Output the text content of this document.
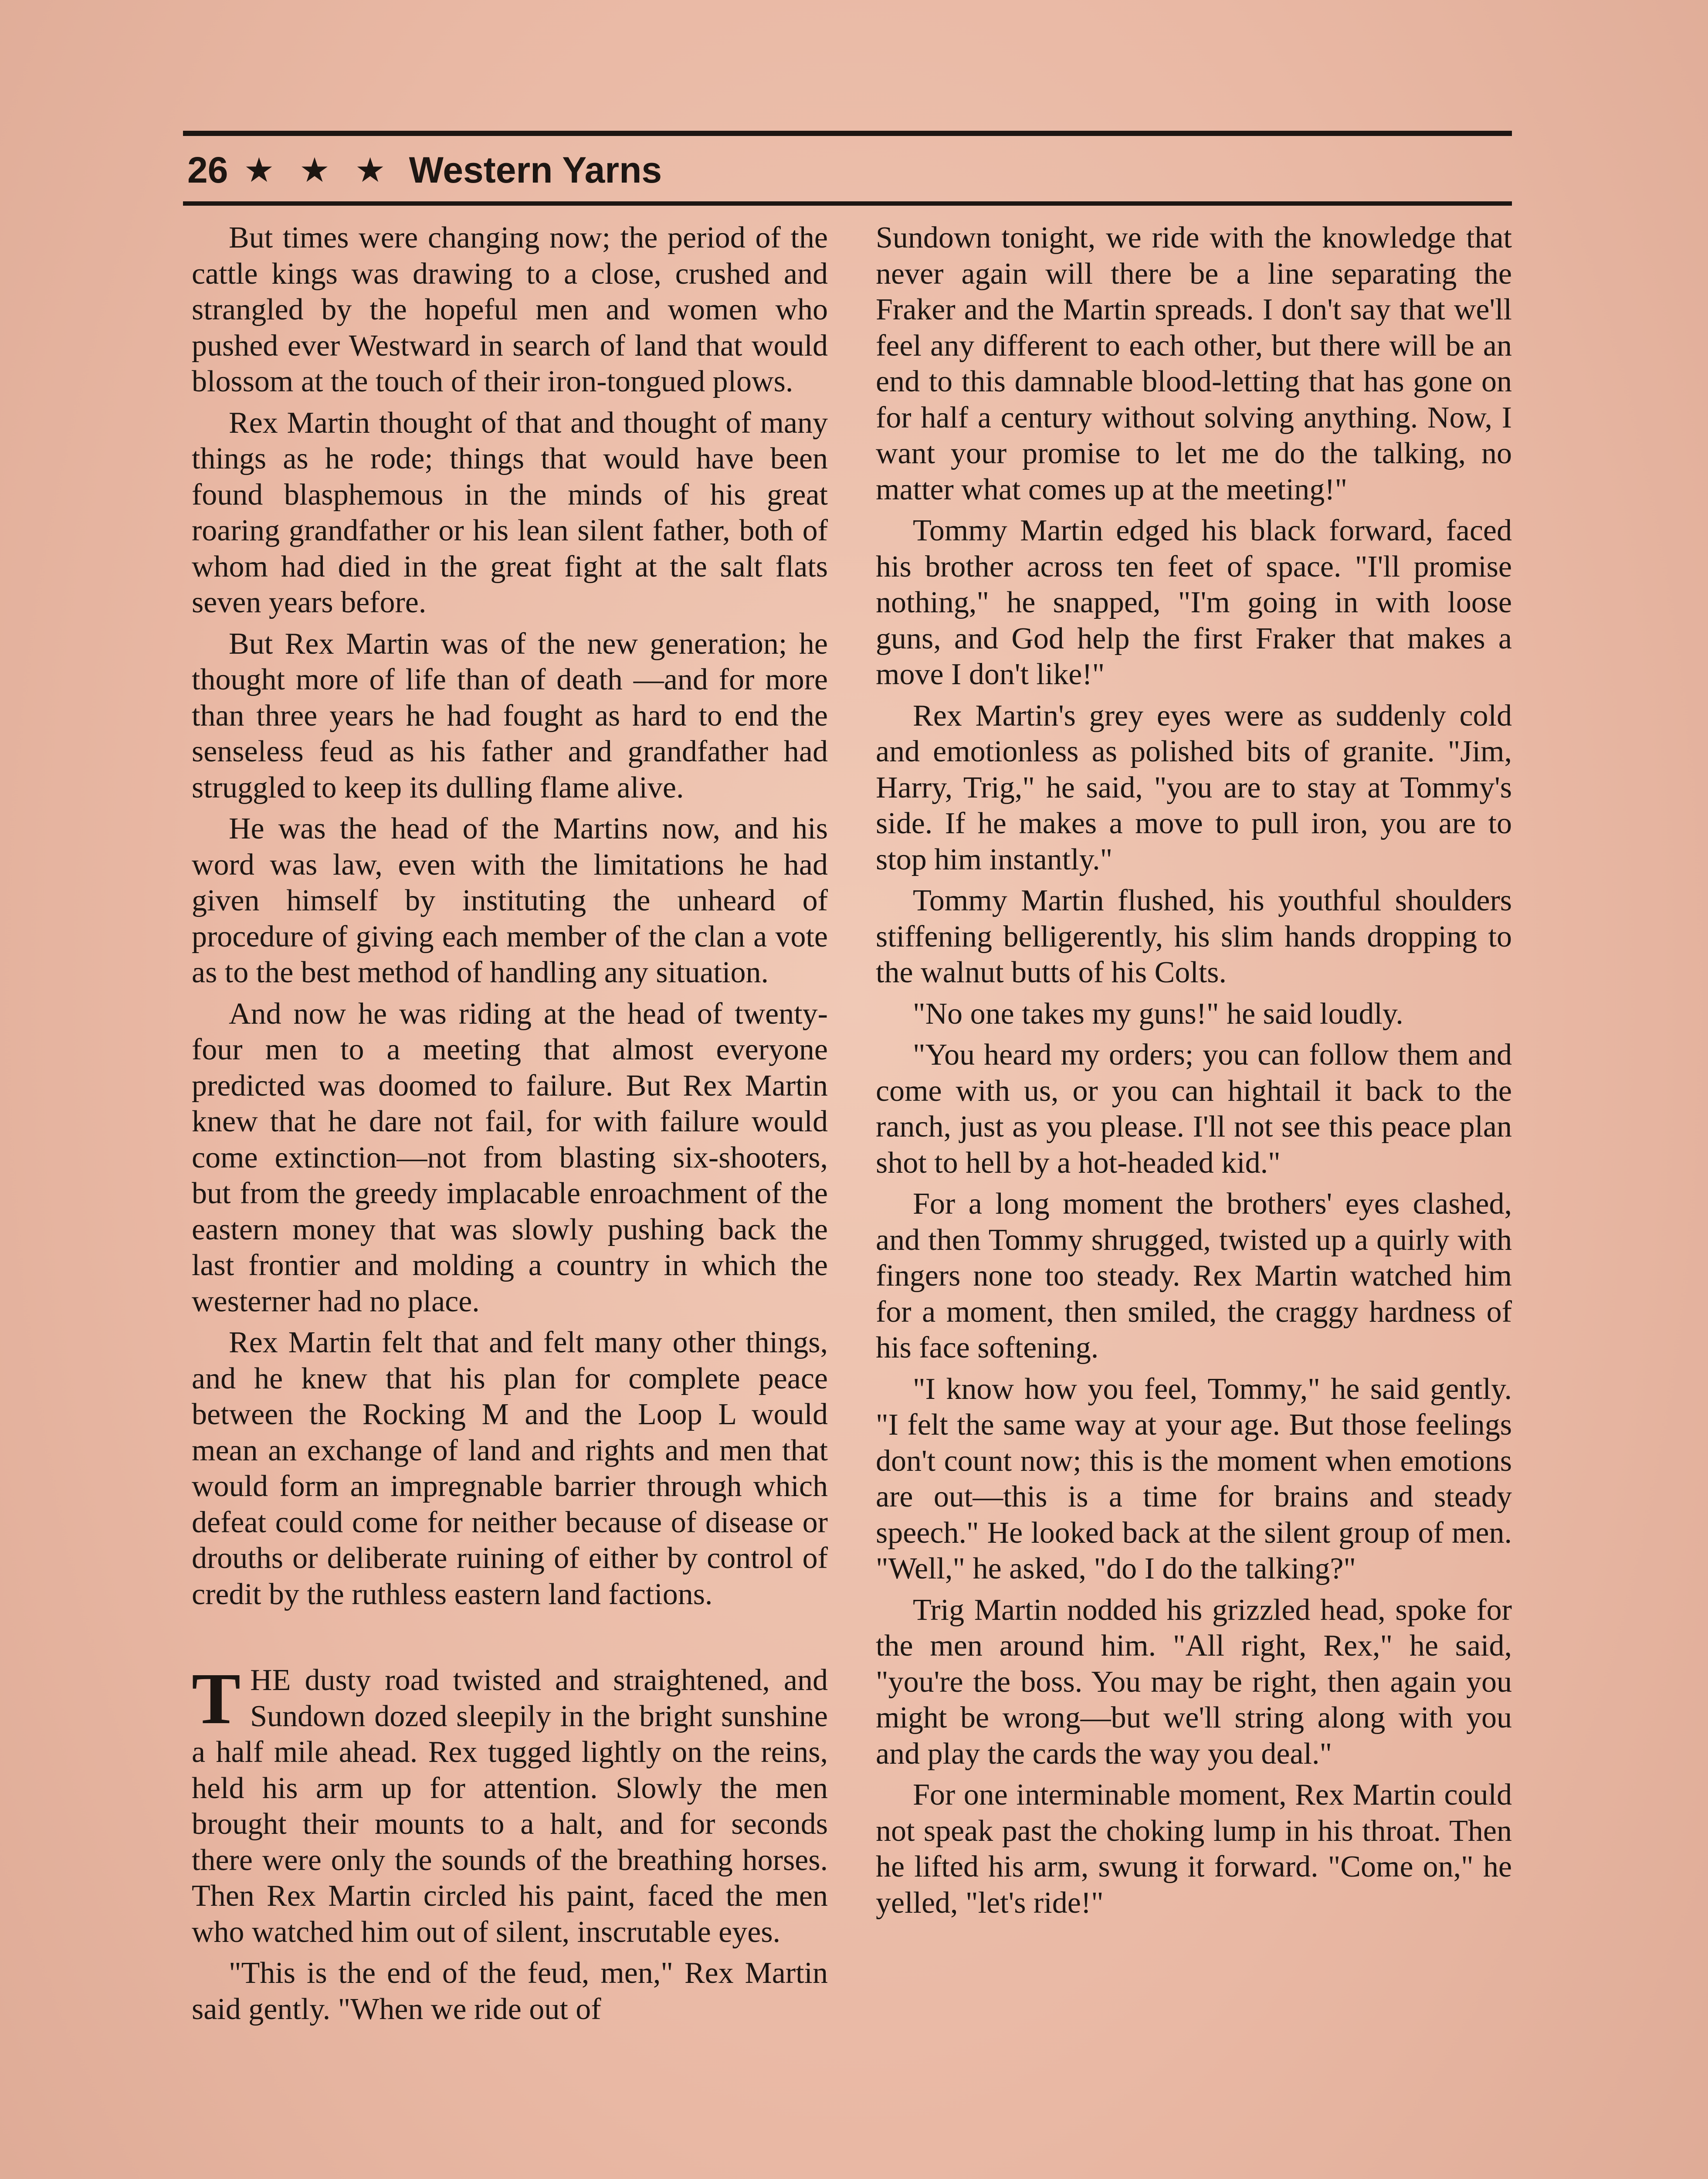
26 ★ ★ ★ Western Yarns

But times were changing now; the period of the cattle kings was drawing to a close, crushed and strangled by the hopeful men and women who pushed ever Westward in search of land that would blossom at the touch of their iron-tongued plows.

Rex Martin thought of that and thought of many things as he rode; things that would have been found blasphemous in the minds of his great roaring grandfather or his lean silent father, both of whom had died in the great fight at the salt flats seven years before.

But Rex Martin was of the new generation; he thought more of life than of death —and for more than three years he had fought as hard to end the senseless feud as his father and grandfather had struggled to keep its dulling flame alive.

He was the head of the Martins now, and his word was law, even with the limitations he had given himself by instituting the unheard of procedure of giving each member of the clan a vote as to the best method of handling any situation.

And now he was riding at the head of twenty-four men to a meeting that almost everyone predicted was doomed to failure. But Rex Martin knew that he dare not fail, for with failure would come extinction—not from blasting six-shooters, but from the greedy implacable enroachment of the eastern money that was slowly pushing back the last frontier and molding a country in which the westerner had no place.

Rex Martin felt that and felt many other things, and he knew that his plan for complete peace between the Rocking M and the Loop L would mean an exchange of land and rights and men that would form an impregnable barrier through which defeat could come for neither because of disease or drouths or deliberate ruining of either by control of credit by the ruthless eastern land factions.

THE dusty road twisted and straightened, and Sundown dozed sleepily in the bright sunshine a half mile ahead. Rex tugged lightly on the reins, held his arm up for attention. Slowly the men brought their mounts to a halt, and for seconds there were only the sounds of the breathing horses. Then Rex Martin circled his paint, faced the men who watched him out of silent, inscrutable eyes.

"This is the end of the feud, men," Rex Martin said gently. "When we ride out of

Sundown tonight, we ride with the knowledge that never again will there be a line separating the Fraker and the Martin spreads. I don't say that we'll feel any different to each other, but there will be an end to this damnable blood-letting that has gone on for half a century without solving anything. Now, I want your promise to let me do the talking, no matter what comes up at the meeting!"

Tommy Martin edged his black forward, faced his brother across ten feet of space. "I'll promise nothing," he snapped, "I'm going in with loose guns, and God help the first Fraker that makes a move I don't like!"

Rex Martin's grey eyes were as suddenly cold and emotionless as polished bits of granite. "Jim, Harry, Trig," he said, "you are to stay at Tommy's side. If he makes a move to pull iron, you are to stop him instantly."

Tommy Martin flushed, his youthful shoulders stiffening belligerently, his slim hands dropping to the walnut butts of his Colts.

"No one takes my guns!" he said loudly.

"You heard my orders; you can follow them and come with us, or you can hightail it back to the ranch, just as you please. I'll not see this peace plan shot to hell by a hot-headed kid."

For a long moment the brothers' eyes clashed, and then Tommy shrugged, twisted up a quirly with fingers none too steady. Rex Martin watched him for a moment, then smiled, the craggy hardness of his face softening.

"I know how you feel, Tommy," he said gently. "I felt the same way at your age. But those feelings don't count now; this is the moment when emotions are out—this is a time for brains and steady speech." He looked back at the silent group of men. "Well," he asked, "do I do the talking?"

Trig Martin nodded his grizzled head, spoke for the men around him. "All right, Rex," he said, "you're the boss. You may be right, then again you might be wrong—but we'll string along with you and play the cards the way you deal."

For one interminable moment, Rex Martin could not speak past the choking lump in his throat. Then he lifted his arm, swung it forward. "Come on," he yelled, "let's ride!"
